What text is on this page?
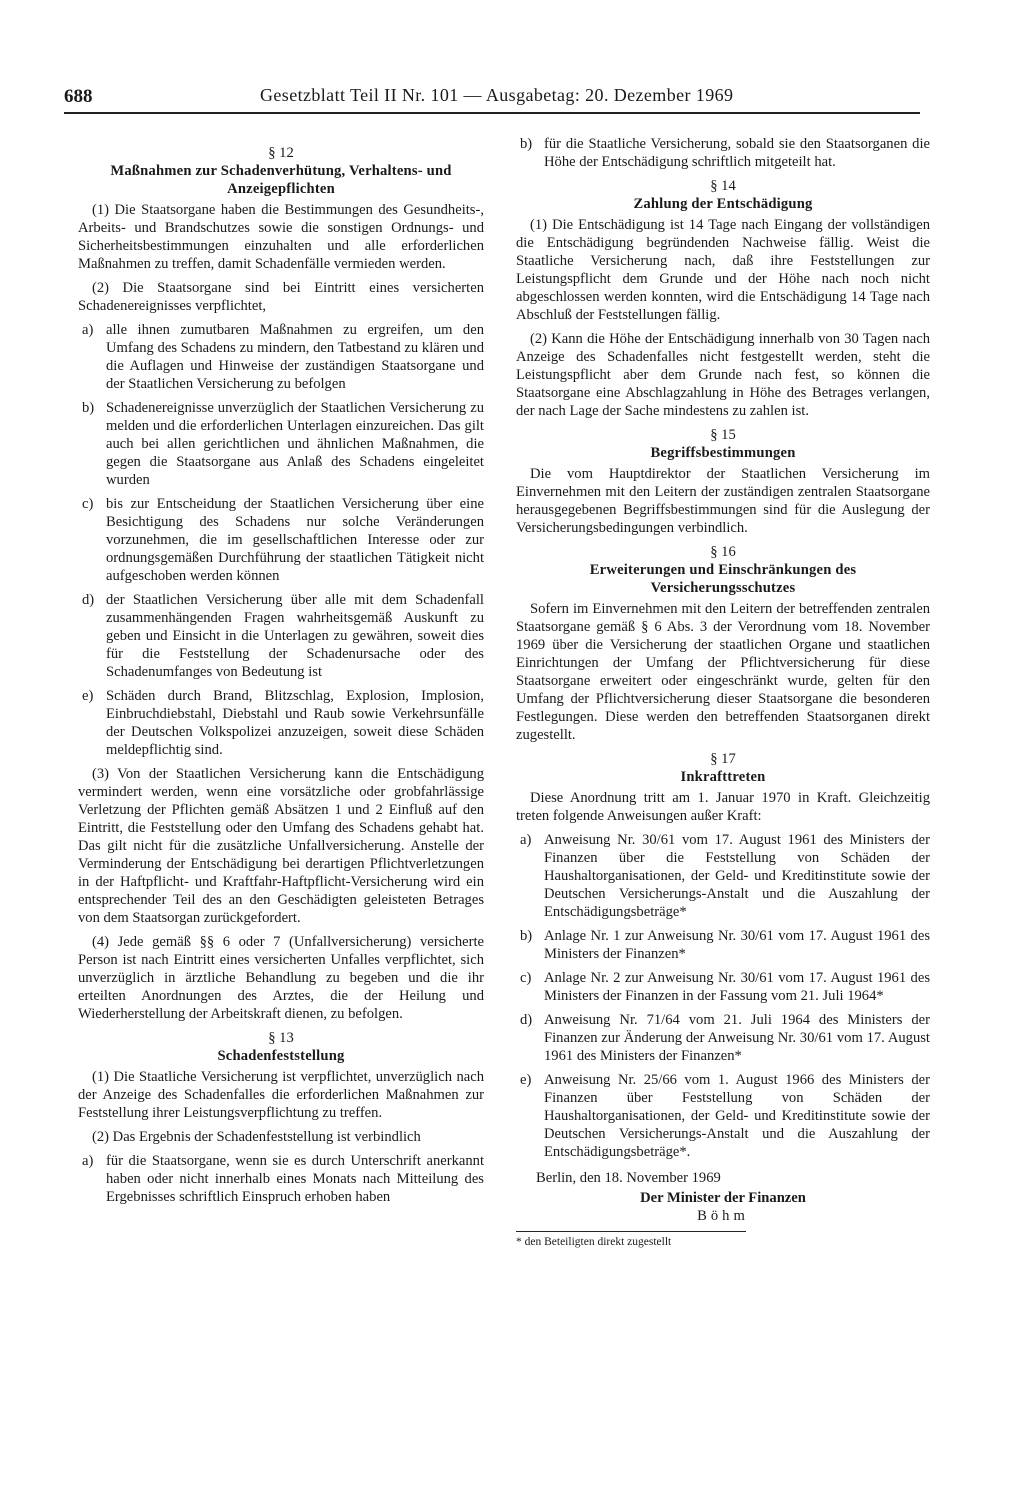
688	Gesetzblatt Teil II Nr. 101 — Ausgabetag: 20. Dezember 1969
§ 12
Maßnahmen zur Schadenverhütung, Verhaltens- und Anzeigepflichten

(1) Die Staatsorgane haben die Bestimmungen des Gesundheits-, Arbeits- und Brandschutzes sowie die sonstigen Ordnungs- und Sicherheitsbestimmungen einzuhalten und alle erforderlichen Maßnahmen zu treffen, damit Schadenfälle vermieden werden.

(2) Die Staatsorgane sind bei Eintritt eines versicherten Schadenereignisses verpflichtet,

a) alle ihnen zumutbaren Maßnahmen zu ergreifen, um den Umfang des Schadens zu mindern, den Tatbestand zu klären und die Auflagen und Hinweise der zuständigen Staatsorgane und der Staatlichen Versicherung zu befolgen
b) Schadenereignisse unverzüglich der Staatlichen Versicherung zu melden und die erforderlichen Unterlagen einzureichen. Das gilt auch bei allen gerichtlichen und ähnlichen Maßnahmen, die gegen die Staatsorgane aus Anlaß des Schadens eingeleitet wurden
c) bis zur Entscheidung der Staatlichen Versicherung über eine Besichtigung des Schadens nur solche Veränderungen vorzunehmen, die im gesellschaftlichen Interesse oder zur ordnungsgemäßen Durchführung der staatlichen Tätigkeit nicht aufgeschoben werden können
d) der Staatlichen Versicherung über alle mit dem Schadenfall zusammenhängenden Fragen wahrheitsgemäß Auskunft zu geben und Einsicht in die Unterlagen zu gewähren, soweit dies für die Feststellung der Schadenursache oder des Schadenumfanges von Bedeutung ist
e) Schäden durch Brand, Blitzschlag, Explosion, Implosion, Einbruchdiebstahl, Diebstahl und Raub sowie Verkehrsunfälle der Deutschen Volkspolizei anzuzeigen, soweit diese Schäden meldepflichtig sind.

(3) Von der Staatlichen Versicherung kann die Entschädigung vermindert werden, wenn eine vorsätzliche oder grobfahrlässige Verletzung der Pflichten gemäß Absätzen 1 und 2 Einfluß auf den Eintritt, die Feststellung oder den Umfang des Schadens gehabt hat. Das gilt nicht für die zusätzliche Unfallversicherung. Anstelle der Verminderung der Entschädigung bei derartigen Pflichtverletzungen in der Haftpflicht- und Kraftfahr-Haftpflicht-Versicherung wird ein entsprechender Teil des an den Geschädigten geleisteten Betrages von dem Staatsorgan zurückgefordert.

(4) Jede gemäß §§ 6 oder 7 (Unfallversicherung) versicherte Person ist nach Eintritt eines versicherten Unfalles verpflichtet, sich unverzüglich in ärztliche Behandlung zu begeben und die ihr erteilten Anordnungen des Arztes, die der Heilung und Wiederherstellung der Arbeitskraft dienen, zu befolgen.

§ 13
Schadenfeststellung

(1) Die Staatliche Versicherung ist verpflichtet, unverzüglich nach der Anzeige des Schadenfalles die erforderlichen Maßnahmen zur Feststellung ihrer Leistungsverpflichtung zu treffen.

(2) Das Ergebnis der Schadenfeststellung ist verbindlich

a) für die Staatsorgane, wenn sie es durch Unterschrift anerkannt haben oder nicht innerhalb eines Monats nach Mitteilung des Ergebnisses schriftlich Einspruch erhoben haben
b) für die Staatliche Versicherung, sobald sie den Staatsorganen die Höhe der Entschädigung schriftlich mitgeteilt hat.
§ 14
Zahlung der Entschädigung

(1) Die Entschädigung ist 14 Tage nach Eingang der vollständigen die Entschädigung begründenden Nachweise fällig. Weist die Staatliche Versicherung nach, daß ihre Feststellungen zur Leistungspflicht dem Grunde und der Höhe nach noch nicht abgeschlossen werden konnten, wird die Entschädigung 14 Tage nach Abschluß der Feststellungen fällig.

(2) Kann die Höhe der Entschädigung innerhalb von 30 Tagen nach Anzeige des Schadenfalles nicht festgestellt werden, steht die Leistungspflicht aber dem Grunde nach fest, so können die Staatsorgane eine Abschlagzahlung in Höhe des Betrages verlangen, der nach Lage der Sache mindestens zu zahlen ist.

§ 15
Begriffsbestimmungen

Die vom Hauptdirektor der Staatlichen Versicherung im Einvernehmen mit den Leitern der zuständigen zentralen Staatsorgane herausgegebenen Begriffsbestimmungen sind für die Auslegung der Versicherungsbedingungen verbindlich.

§ 16
Erweiterungen und Einschränkungen des Versicherungsschutzes

Sofern im Einvernehmen mit den Leitern der betreffenden zentralen Staatsorgane gemäß § 6 Abs. 3 der Verordnung vom 18. November 1969 über die Versicherung der staatlichen Organe und staatlichen Einrichtungen der Umfang der Pflichtversicherung für diese Staatsorgane erweitert oder eingeschränkt wurde, gelten für den Umfang der Pflichtversicherung dieser Staatsorgane die besonderen Festlegungen. Diese werden den betreffenden Staatsorganen direkt zugestellt.

§ 17
Inkrafttreten

Diese Anordnung tritt am 1. Januar 1970 in Kraft. Gleichzeitig treten folgende Anweisungen außer Kraft:

a) Anweisung Nr. 30/61 vom 17. August 1961 des Ministers der Finanzen über die Feststellung von Schäden der Haushaltorganisationen, der Geld- und Kreditinstitute sowie der Deutschen Versicherungs-Anstalt und die Auszahlung der Entschädigungsbeträge*
b) Anlage Nr. 1 zur Anweisung Nr. 30/61 vom 17. August 1961 des Ministers der Finanzen*
c) Anlage Nr. 2 zur Anweisung Nr. 30/61 vom 17. August 1961 des Ministers der Finanzen in der Fassung vom 21. Juli 1964*
d) Anweisung Nr. 71/64 vom 21. Juli 1964 des Ministers der Finanzen zur Änderung der Anweisung Nr. 30/61 vom 17. August 1961 des Ministers der Finanzen*
e) Anweisung Nr. 25/66 vom 1. August 1966 des Ministers der Finanzen über Feststellung von Schäden der Haushaltorganisationen, der Geld- und Kreditinstitute sowie der Deutschen Versicherungs-Anstalt und die Auszahlung der Entschädigungsbeträge*.

Berlin, den 18. November 1969

Der Minister der Finanzen
Böhm

* den Beteiligten direkt zugestellt
